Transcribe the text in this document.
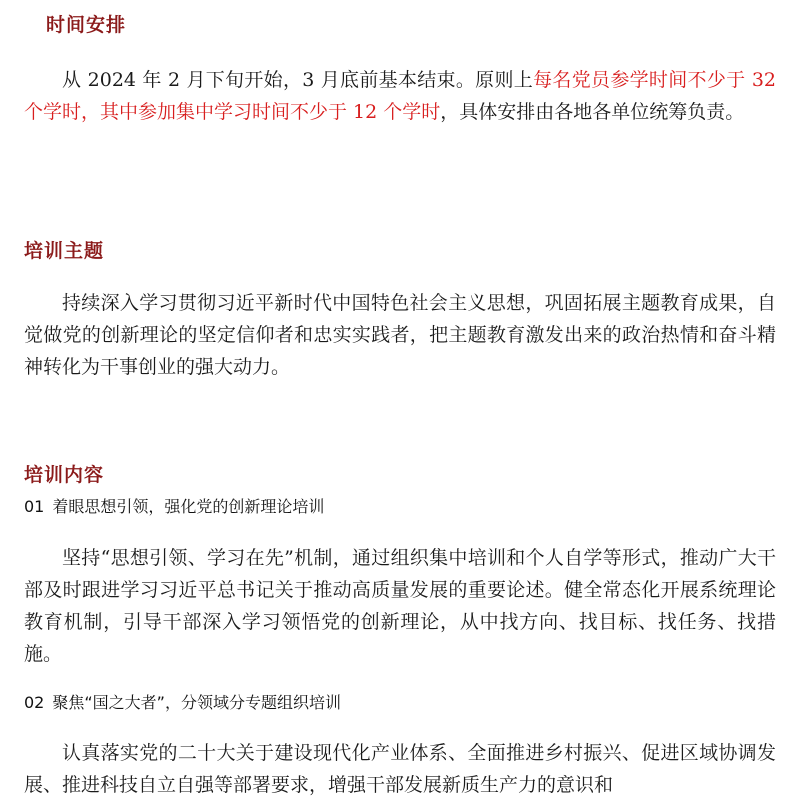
时间安排

从 2024 年 2 月下旬开始，3 月底前基本结束。原则上每名党员参学时间不少于 32 个学时，其中参加集中学习时间不少于 12 个学时，具体安排由各地各单位统筹负责。

培训主题

持续深入学习贯彻习近平新时代中国特色社会主义思想，巩固拓展主题教育成果，自觉做党的创新理论的坚定信仰者和忠实实践者，把主题教育激发出来的政治热情和奋斗精神转化为干事创业的强大动力。

培训内容
01 着眼思想引领，强化党的创新理论培训

坚持“思想引领、学习在先”机制，通过组织集中培训和个人自学等形式，推动广大干部及时跟进学习习近平总书记关于推动高质量发展的重要论述。健全常态化开展系统理论教育机制，引导干部深入学习领悟党的创新理论，从中找方向、找目标、找任务、找措施。

02 聚焦“国之大者”，分领域分专题组织培训

认真落实党的二十大关于建设现代化产业体系、全面推进乡村振兴、促进区域协调发展、推进科技自立自强等部署要求，增强干部发展新质生产力的意识和
